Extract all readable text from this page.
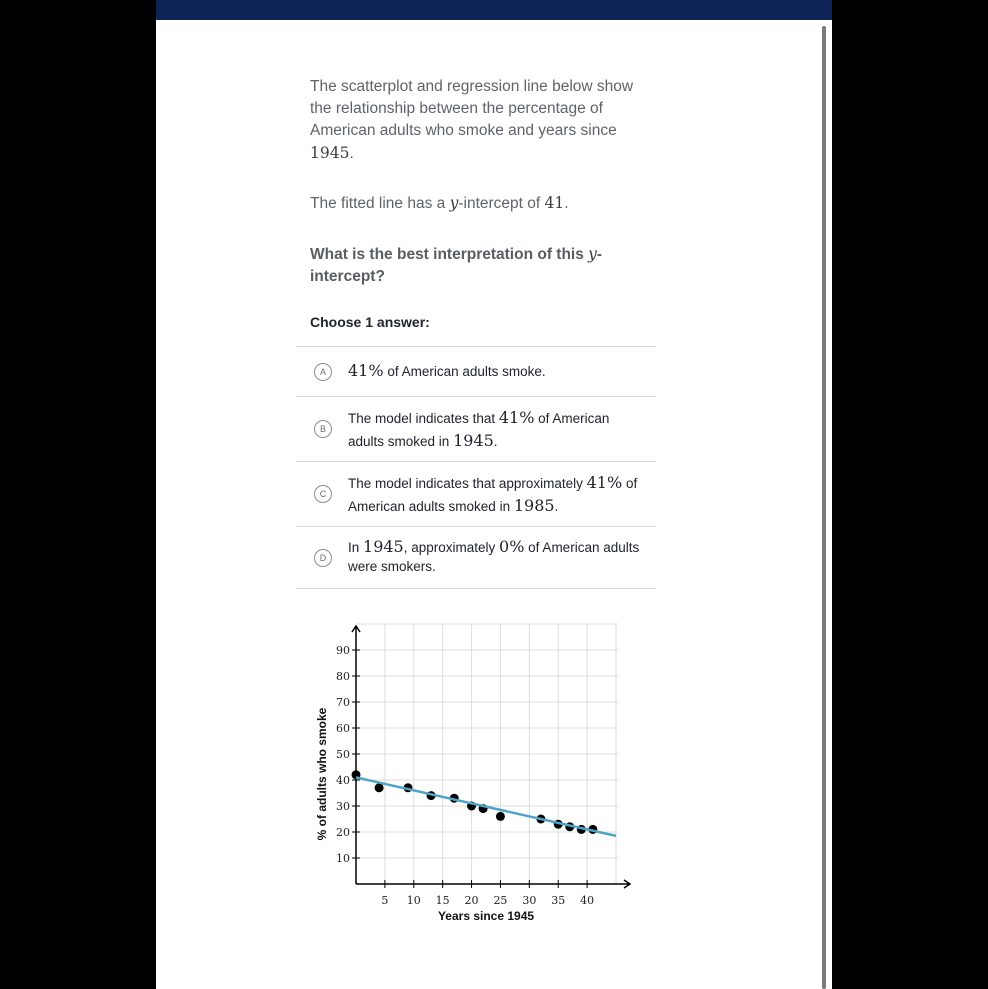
The scatterplot and regression line below show the relationship between the percentage of American adults who smoke and years since
1945.

The fitted line has a y-intercept of 41.

What is the best interpretation of this y-intercept?

Choose 1 answer:

A	41% of American adults smoke.
B
The model indicates that 41% of American adults smoked in 1945.
C
The model indicates that approximately 41% of American adults smoked in 1985.
D
In 1945, approximately 0% of American adults were smokers.
10
20
30
40
50
60
70
80
90
5 10 15 20 25 30 35 40
Years since 1945
% of adults who smoke
